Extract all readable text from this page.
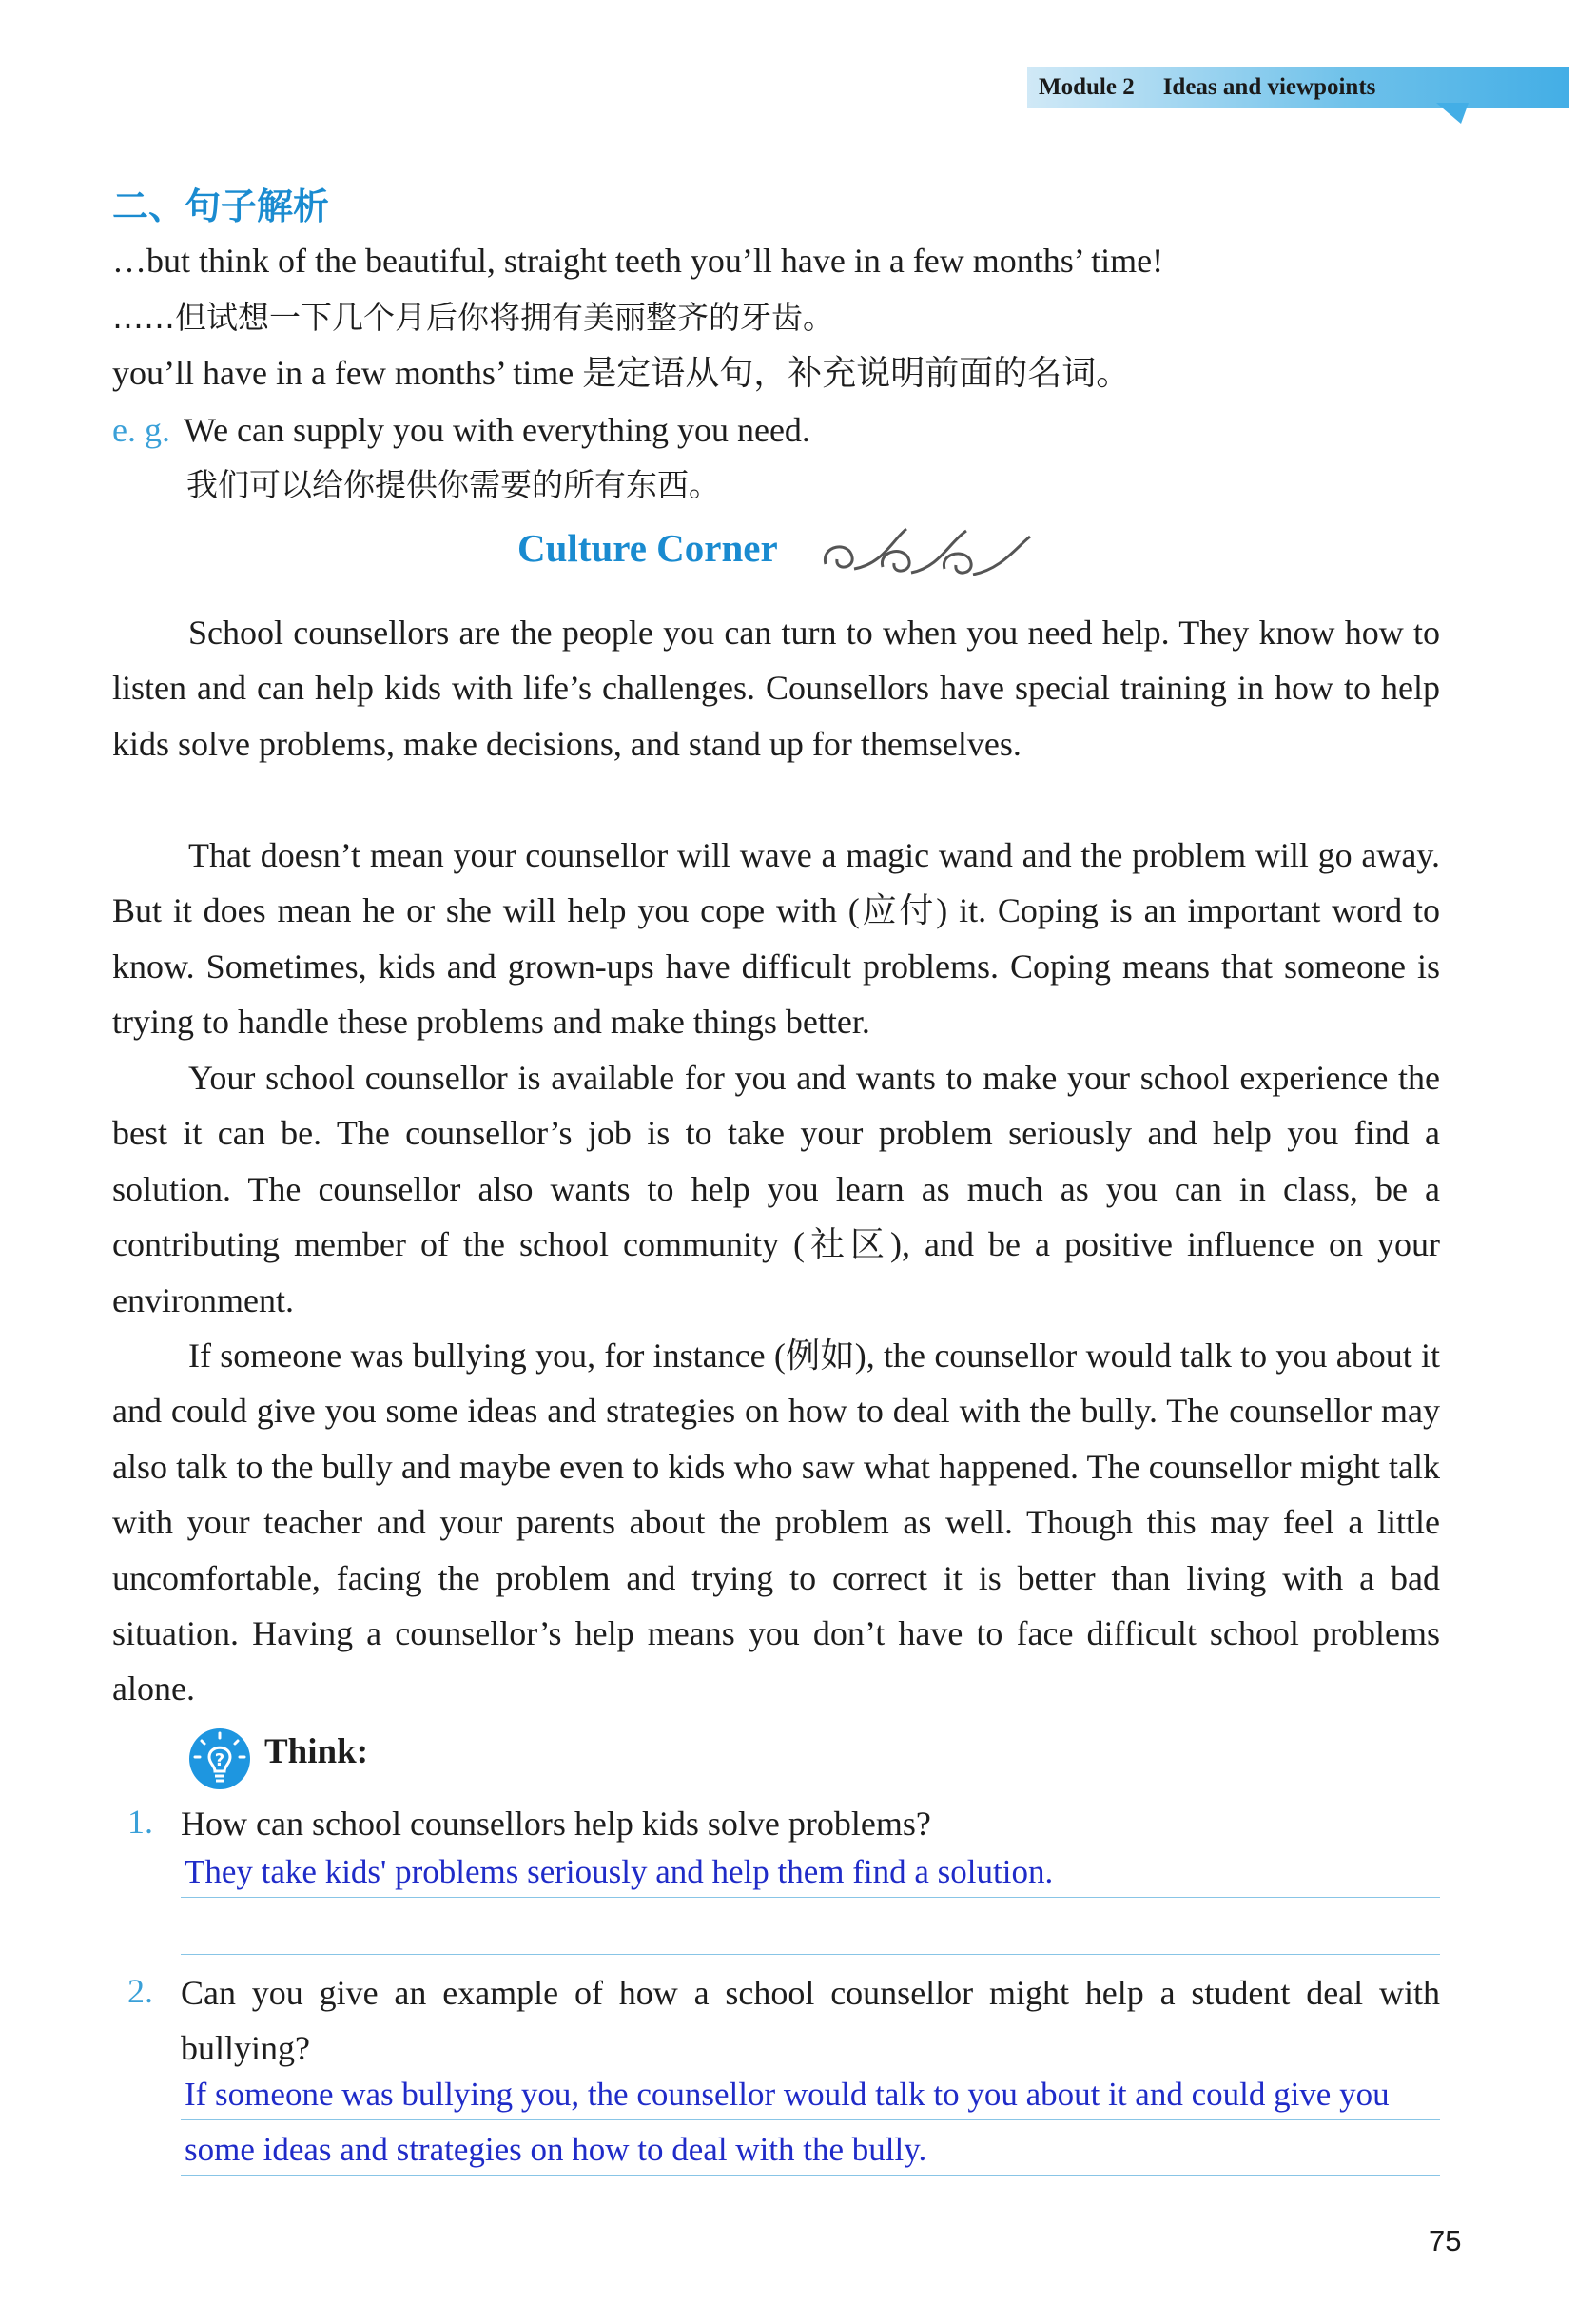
Module 2 Ideas and viewpoints
二、句子解析
…but think of the beautiful, straight teeth you’ll have in a few months’ time!
……但试想一下几个月后你将拥有美丽整齐的牙齿。
you’ll have in a few months’ time 是定语从句，补充说明前面的名词。
e. g. We can supply you with everything you need.
我们可以给你提供你需要的所有东西。
Culture Corner
School counsellors are the people you can turn to when you need help. They know how to listen and can help kids with life’s challenges. Counsellors have special training in how to help kids solve problems, make decisions, and stand up for themselves.
That doesn’t mean your counsellor will wave a magic wand and the problem will go away. But it does mean he or she will help you cope with (应付) it. Coping is an important word to know. Sometimes, kids and grown-ups have difficult problems. Coping means that someone is trying to handle these problems and make things better.
Your school counsellor is available for you and wants to make your school experience the best it can be. The counsellor’s job is to take your problem seriously and help you find a solution. The counsellor also wants to help you learn as much as you can in class, be a contributing member of the school community (社区), and be a positive influence on your environment.
If someone was bullying you, for instance (例如), the counsellor would talk to you about it and could give you some ideas and strategies on how to deal with the bully. The counsellor may also talk to the bully and maybe even to kids who saw what happened. The counsellor might talk with your teacher and your parents about the problem as well. Though this may feel a little uncomfortable, facing the problem and trying to correct it is better than living with a bad situation. Having a counsellor’s help means you don’t have to face difficult school problems alone.
? Think:
1. How can school counsellors help kids solve problems?
They take kids' problems seriously and help them find a solution.
2. Can you give an example of how a school counsellor might help a student deal with bullying?
If someone was bullying you, the counsellor would talk to you about it and could give you
some ideas and strategies on how to deal with the bully.
75
